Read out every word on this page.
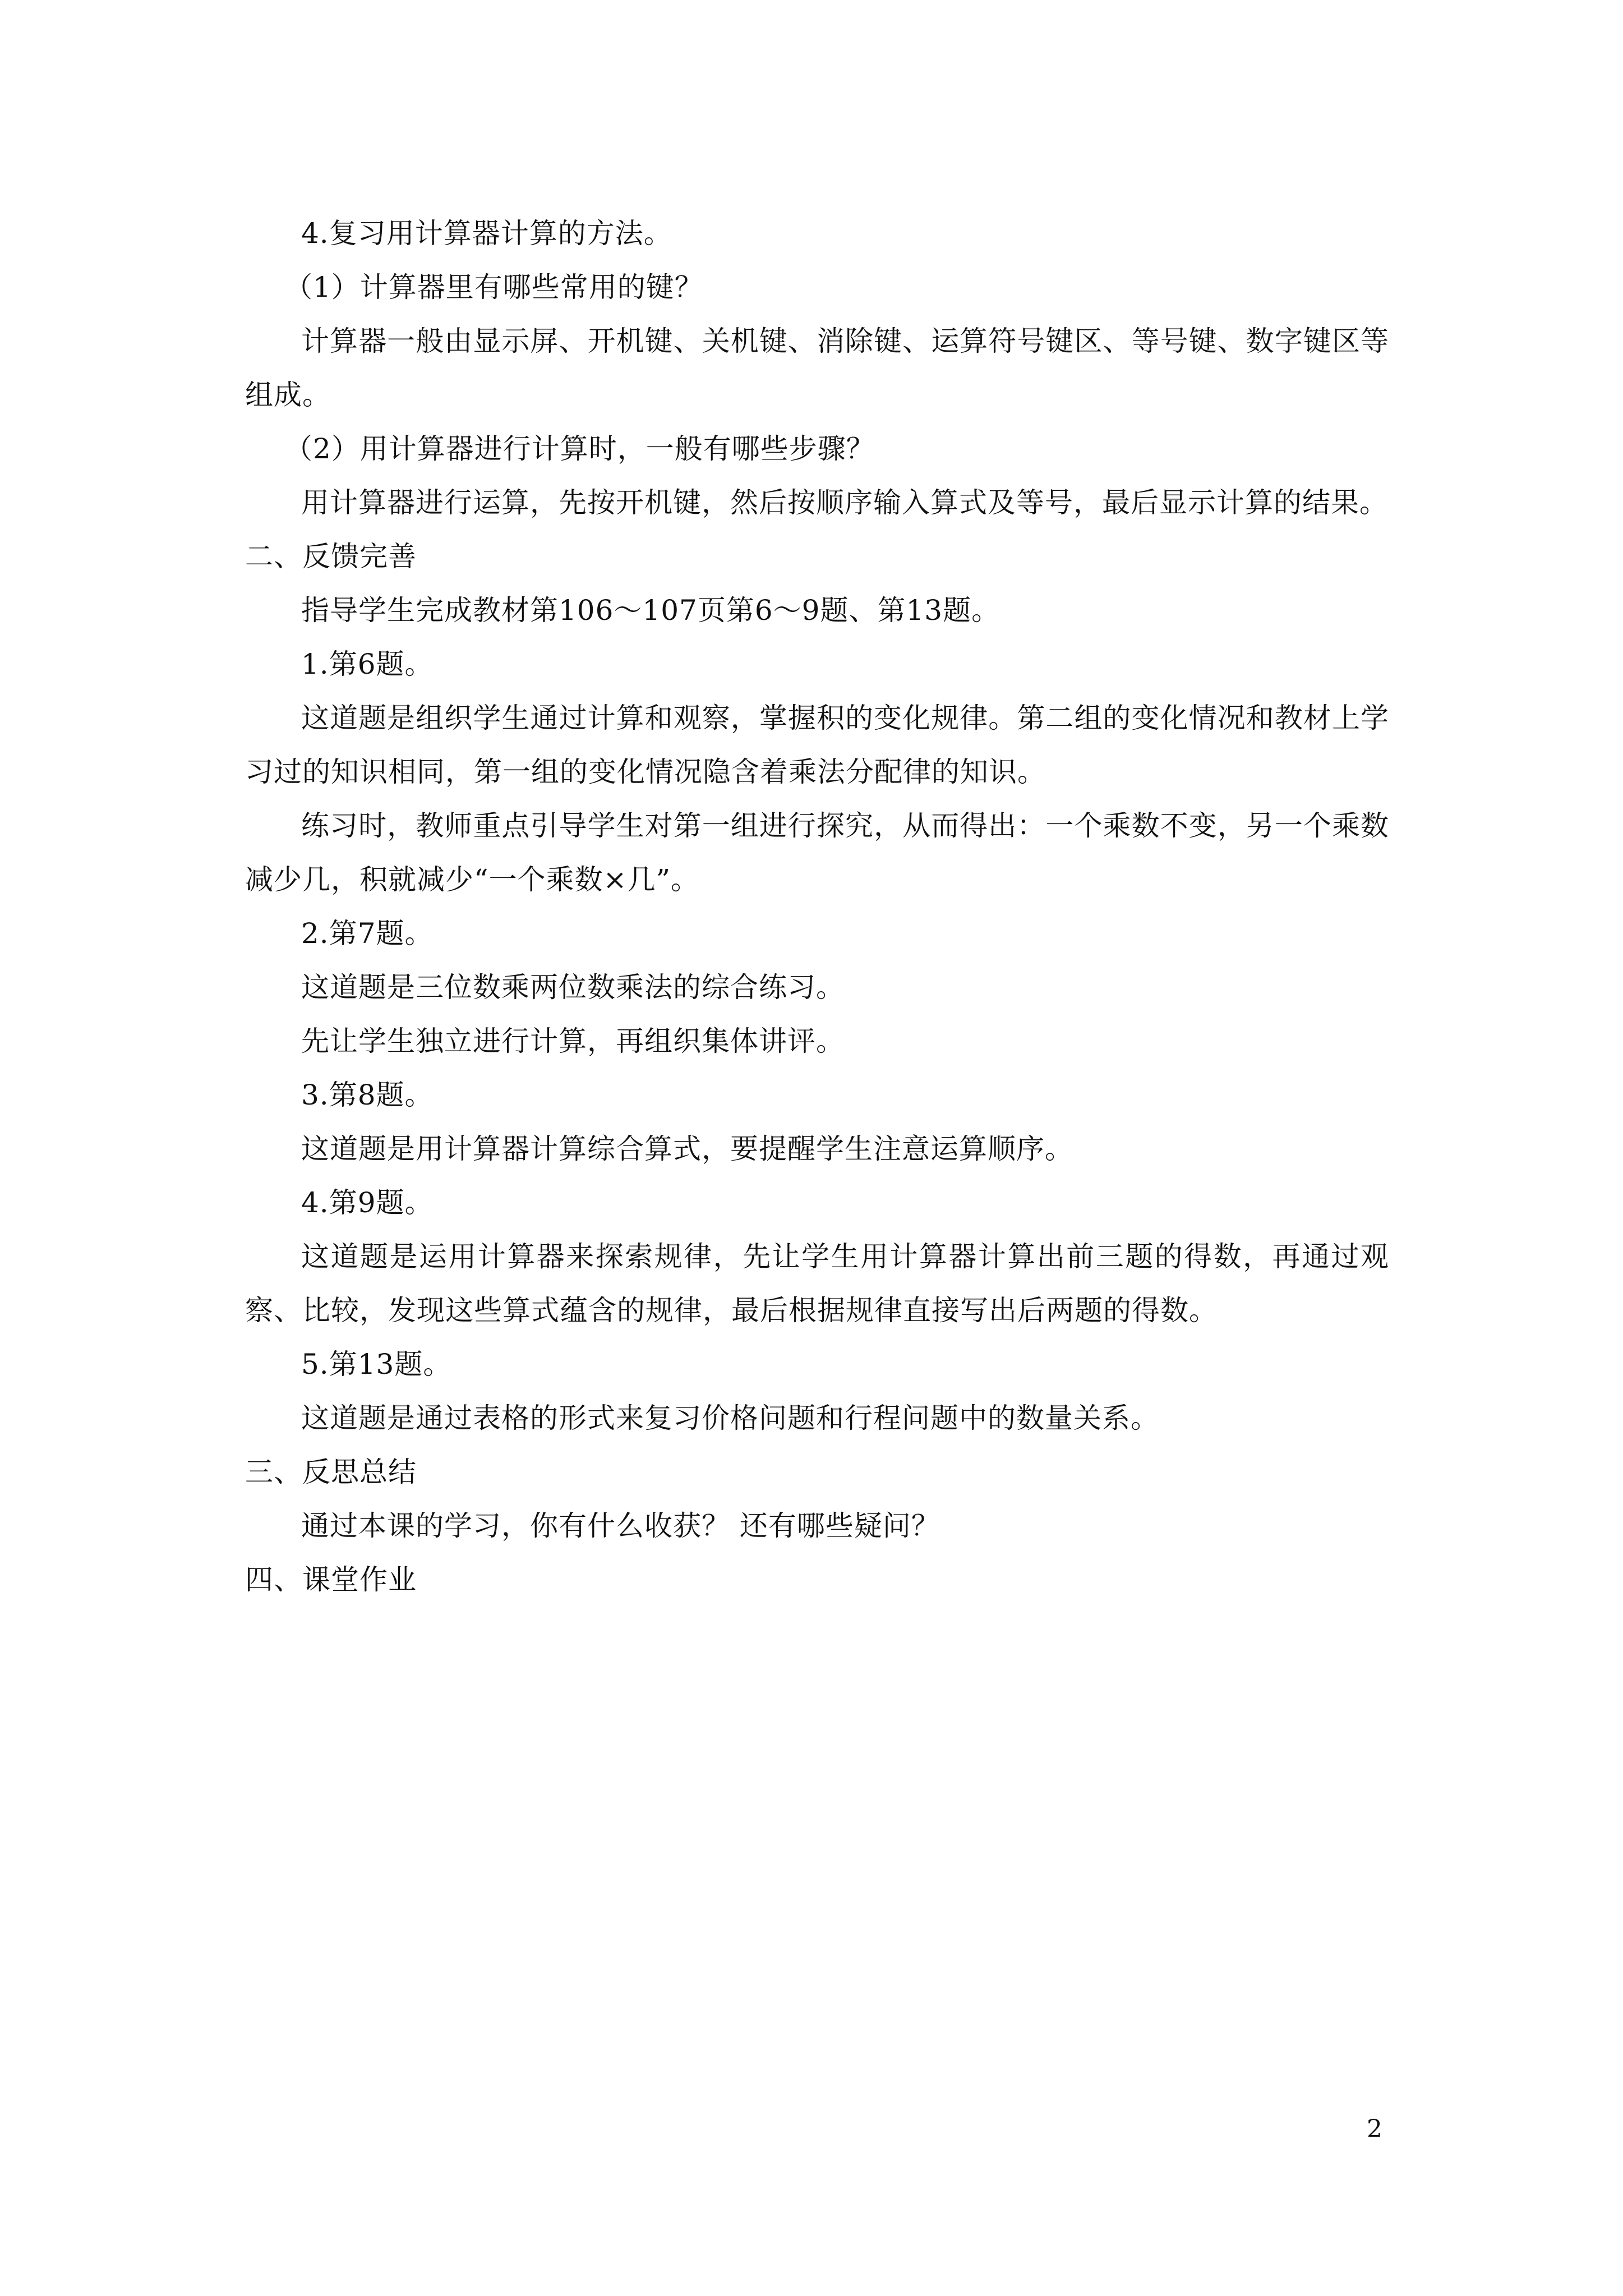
4.复习用计算器计算的方法。

（1）计算器里有哪些常用的键？

计算器一般由显示屏、开机键、关机键、消除键、运算符号键区、等号键、数字键区等组成。

（2）用计算器进行计算时，一般有哪些步骤？

用计算器进行运算，先按开机键，然后按顺序输入算式及等号，最后显示计算的结果。

二、反馈完善

指导学生完成教材第106～107页第6～9题、第13题。

1.第6题。

这道题是组织学生通过计算和观察，掌握积的变化规律。第二组的变化情况和教材上学习过的知识相同，第一组的变化情况隐含着乘法分配律的知识。

练习时，教师重点引导学生对第一组进行探究，从而得出：一个乘数不变，另一个乘数减少几，积就减少“一个乘数×几”。

2.第7题。

这道题是三位数乘两位数乘法的综合练习。

先让学生独立进行计算，再组织集体讲评。

3.第8题。

这道题是用计算器计算综合算式，要提醒学生注意运算顺序。

4.第9题。

这道题是运用计算器来探索规律，先让学生用计算器计算出前三题的得数，再通过观察、比较，发现这些算式蕴含的规律，最后根据规律直接写出后两题的得数。

5.第13题。

这道题是通过表格的形式来复习价格问题和行程问题中的数量关系。

三、反思总结

通过本课的学习，你有什么收获？ 还有哪些疑问？

四、课堂作业

2
